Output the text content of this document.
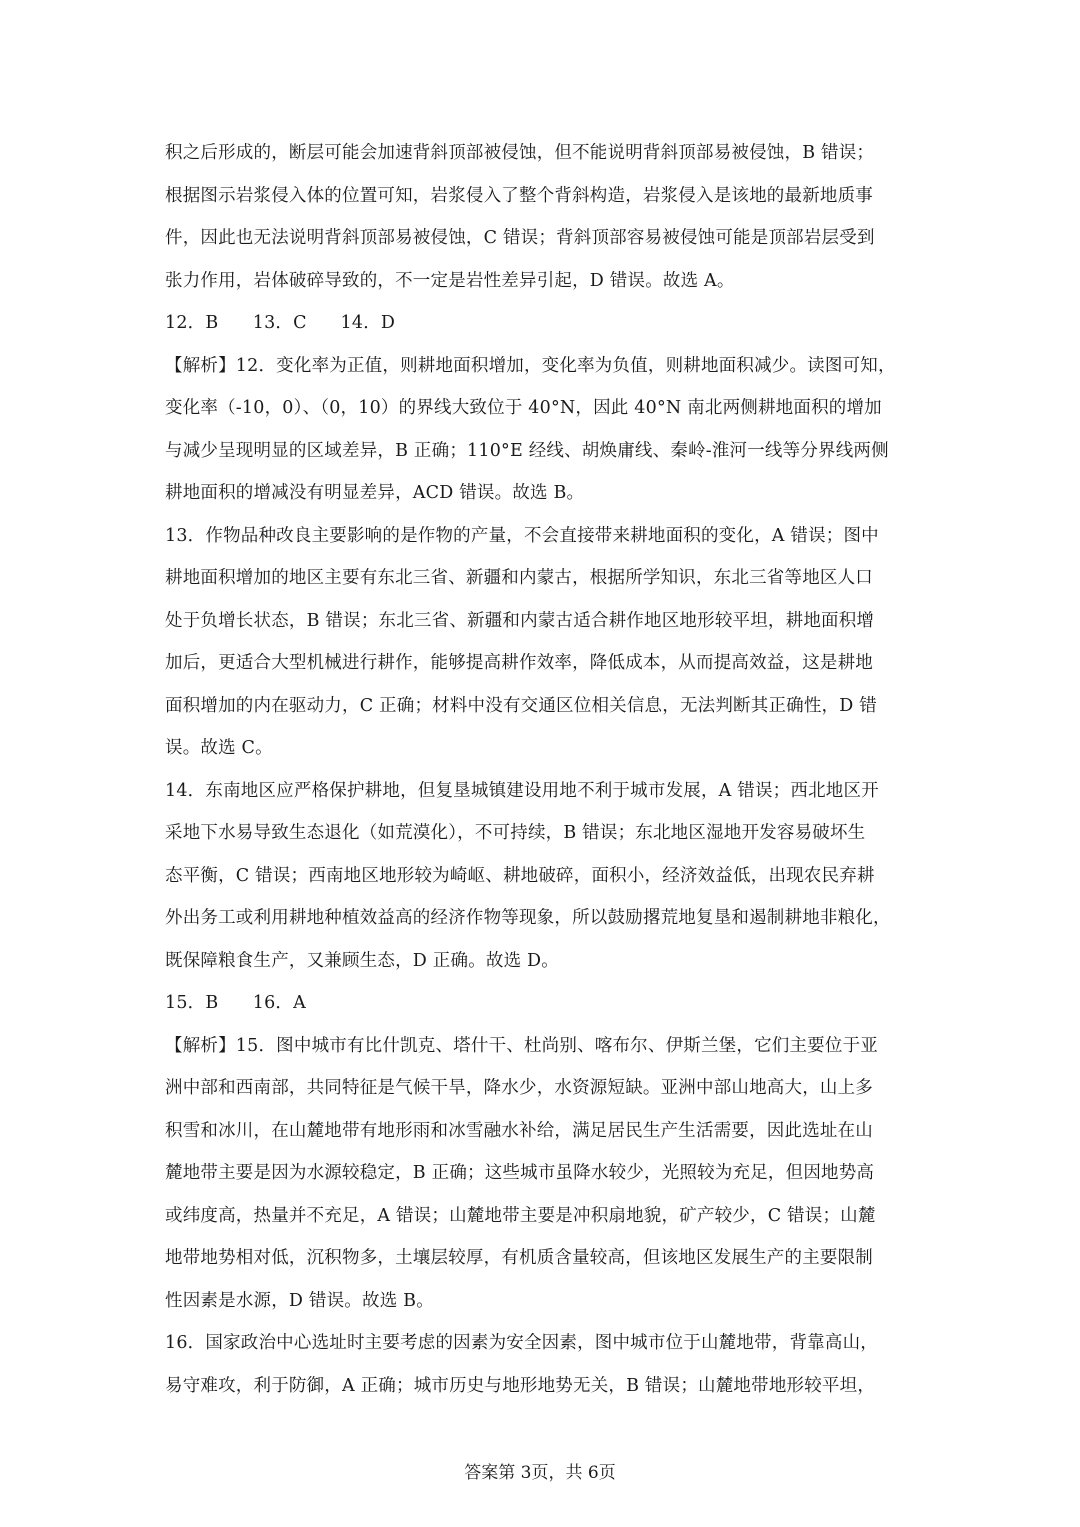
积之后形成的，断层可能会加速背斜顶部被侵蚀，但不能说明背斜顶部易被侵蚀，B 错误；
根据图示岩浆侵入体的位置可知，岩浆侵入了整个背斜构造，岩浆侵入是该地的最新地质事
件，因此也无法说明背斜顶部易被侵蚀，C 错误；背斜顶部容易被侵蚀可能是顶部岩层受到
张力作用，岩体破碎导致的，不一定是岩性差异引起，D 错误。故选 A。
12．B 13．C 14．D
【解析】12．变化率为正值，则耕地面积增加，变化率为负值，则耕地面积减少。读图可知，
变化率（-10，0）、（0，10）的界线大致位于 40°N，因此 40°N 南北两侧耕地面积的增加
与减少呈现明显的区域差异，B 正确；110°E 经线、胡焕庸线、秦岭-淮河一线等分界线两侧
耕地面积的增减没有明显差异，ACD 错误。故选 B。
13．作物品种改良主要影响的是作物的产量，不会直接带来耕地面积的变化，A 错误；图中
耕地面积增加的地区主要有东北三省、新疆和内蒙古，根据所学知识，东北三省等地区人口
处于负增长状态，B 错误；东北三省、新疆和内蒙古适合耕作地区地形较平坦，耕地面积增
加后，更适合大型机械进行耕作，能够提高耕作效率，降低成本，从而提高效益，这是耕地
面积增加的内在驱动力，C 正确；材料中没有交通区位相关信息，无法判断其正确性，D 错
误。故选 C。
14．东南地区应严格保护耕地，但复垦城镇建设用地不利于城市发展，A 错误；西北地区开
采地下水易导致生态退化（如荒漠化），不可持续，B 错误；东北地区湿地开发容易破坏生
态平衡，C 错误；西南地区地形较为崎岖、耕地破碎，面积小，经济效益低，出现农民弃耕
外出务工或利用耕地种植效益高的经济作物等现象，所以鼓励撂荒地复垦和遏制耕地非粮化，
既保障粮食生产，又兼顾生态，D 正确。故选 D。
15．B 16．A
【解析】15．图中城市有比什凯克、塔什干、杜尚别、喀布尔、伊斯兰堡，它们主要位于亚
洲中部和西南部，共同特征是气候干旱，降水少，水资源短缺。亚洲中部山地高大，山上多
积雪和冰川，在山麓地带有地形雨和冰雪融水补给，满足居民生产生活需要，因此选址在山
麓地带主要是因为水源较稳定，B 正确；这些城市虽降水较少，光照较为充足，但因地势高
或纬度高，热量并不充足，A 错误；山麓地带主要是冲积扇地貌，矿产较少，C 错误；山麓
地带地势相对低，沉积物多，土壤层较厚，有机质含量较高，但该地区发展生产的主要限制
性因素是水源，D 错误。故选 B。
16．国家政治中心选址时主要考虑的因素为安全因素，图中城市位于山麓地带，背靠高山，
易守难攻，利于防御，A 正确；城市历史与地形地势无关，B 错误；山麓地带地形较平坦，
答案第 3页，共 6页
